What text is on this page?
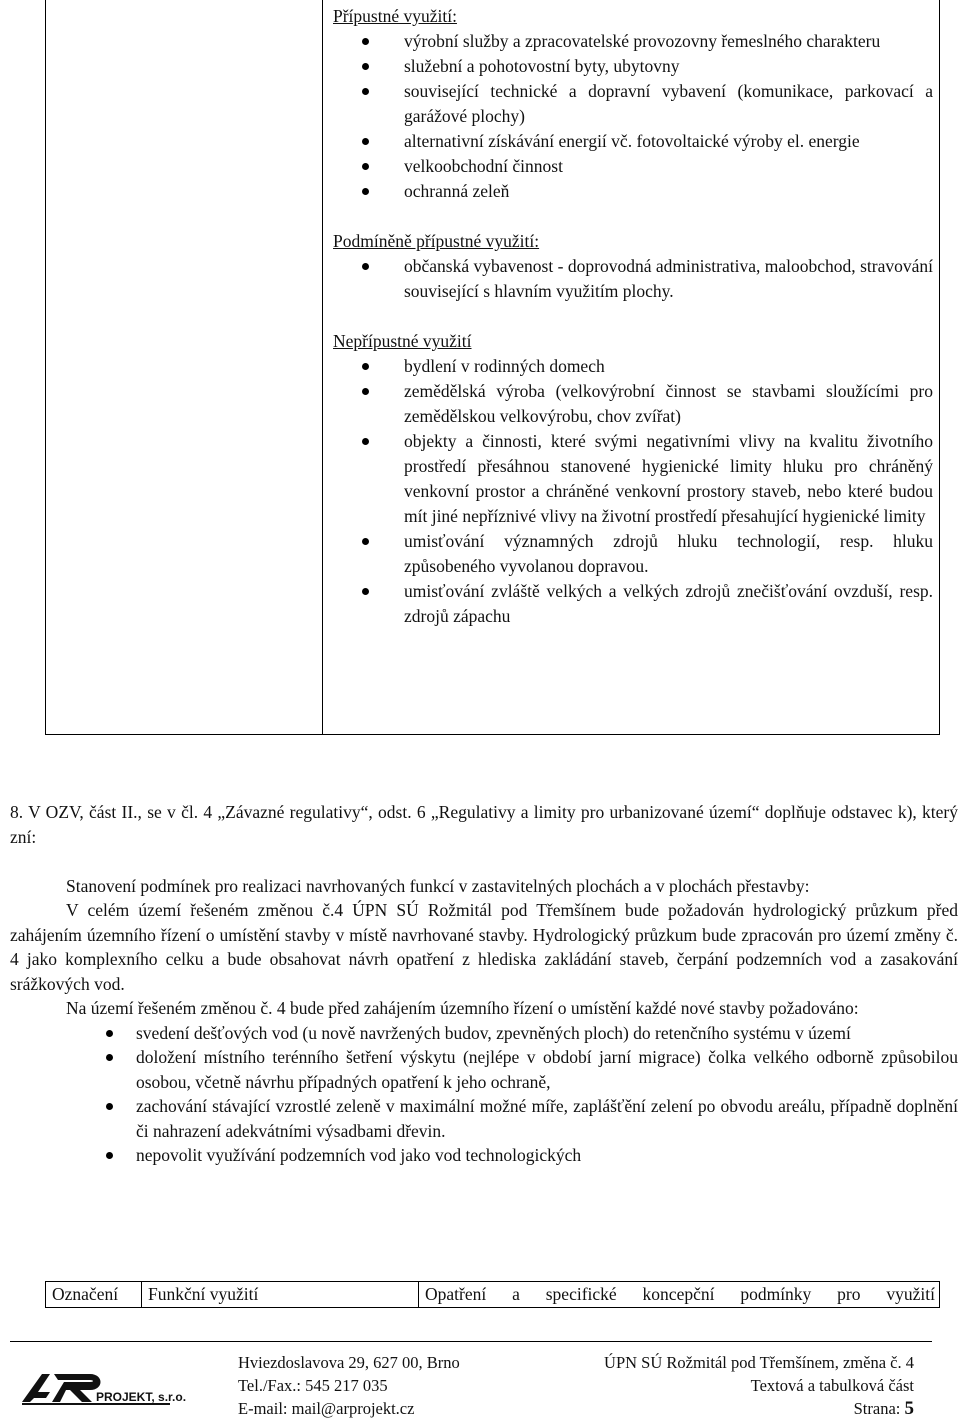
Přípustné využití:
výrobní služby a zpracovatelské provozovny řemeslného charakteru
služební a pohotovostní byty, ubytovny
související technické a dopravní vybavení (komunikace, parkovací a garážové plochy)
alternativní získávání energií vč. fotovoltaické výroby el. energie
velkoobchodní činnost
ochranná zeleň
Podmíněně přípustné využití:
občanská vybavenost - doprovodná administrativa, maloobchod, stravování související s hlavním využitím plochy.
Nepřípustné využití
bydlení v rodinných domech
zemědělská výroba (velkovýrobní činnost se stavbami sloužícími pro zemědělskou velkovýrobu, chov zvířat)
objekty a činnosti, které svými negativními vlivy na kvalitu životního prostředí přesáhnou stanovené hygienické limity hluku pro chráněný venkovní prostor a chráněné venkovní prostory staveb, nebo které budou mít jiné nepříznivé vlivy na životní prostředí přesahující hygienické limity
umisťování významných zdrojů hluku technologií, resp. hluku způsobeného vyvolanou dopravou.
umisťování zvláště velkých a velkých zdrojů znečišťování ovzduší, resp. zdrojů zápachu

8. V OZV, část II., se v čl. 4 „Závazné regulativy“, odst. 6 „Regulativy a limity pro urbanizované území“ doplňuje odstavec k), který zní:

Stanovení podmínek pro realizaci navrhovaných funkcí v zastavitelných plochách a v plochách přestavby:

V celém území řešeném změnou č.4 ÚPN SÚ Rožmitál pod Třemšínem bude požadován hydrologický průzkum před zahájením územního řízení o umístění stavby v místě navrhované stavby. Hydrologický průzkum bude zpracován pro území změny č. 4 jako komplexního celku a bude obsahovat návrh opatření z hlediska zakládání staveb, čerpání podzemních vod a zasakování srážkových vod.

Na území řešeném změnou č. 4 bude před zahájením územního řízení o umístění každé nové stavby požadováno:

svedení dešťových vod (u nově navržených budov, zpevněných ploch) do retenčního systému v území
doložení místního terénního šetření výskytu (nejlépe v období jarní migrace) čolka velkého odborně způsobilou osobou, včetně návrhu případných opatření k jeho ochraně,
zachování stávající vzrostlé zeleně v maximální možné míře, zaplášťění zelení po obvodu areálu, případně doplnění či nahrazení adekvátními výsadbami dřevin.
nepovolit využívání podzemních vod jako vod technologických
Označení	Funkční využití	Opatření a specifické koncepční podmínky pro využití
PROJEKT, s.r.o.
Hviezdoslavova 29, 627 00, Brno
Tel./Fax.: 545 217 035
E-mail: mail@arprojekt.cz
ÚPN SÚ Rožmitál pod Třemšínem, změna č. 4
Textová a tabulková část
Strana: 5
